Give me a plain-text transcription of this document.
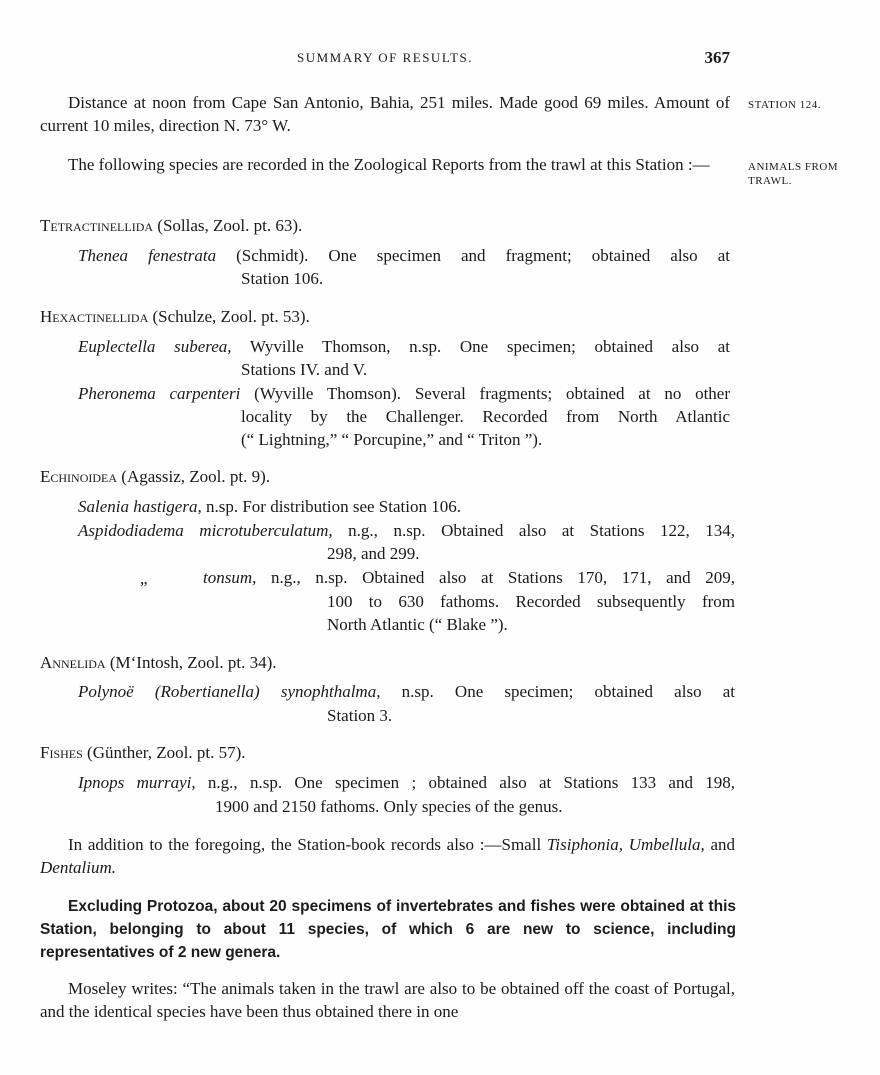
SUMMARY OF RESULTS.	367
STATION 124.
ANIMALS FROM TRAWL.
Distance at noon from Cape San Antonio, Bahia, 251 miles. Made good 69 miles. Amount of current 10 miles, direction N. 73° W.
The following species are recorded in the Zoological Reports from the trawl at this Station :—
Tetractinellida (Sollas, Zool. pt. 63).
Thenea fenestrata (Schmidt). One specimen and fragment; obtained also at
Station 106.
Hexactinellida (Schulze, Zool. pt. 53).
Euplectella suberea, Wyville Thomson, n.sp. One specimen; obtained also at
Stations IV. and V.
Pheronema carpenteri (Wyville Thomson). Several fragments; obtained at no other
locality by the Challenger. Recorded from North Atlantic
(“ Lightning,” “ Porcupine,” and “ Triton ”).
Echinoidea (Agassiz, Zool. pt. 9).
Salenia hastigera, n.sp. For distribution see Station 106.
Aspidodiadema microtuberculatum, n.g., n.sp. Obtained also at Stations 122, 134,
298, and 299.
„	tonsum, n.g., n.sp. Obtained also at Stations 170, 171, and 209,
100 to 630 fathoms. Recorded subsequently from
North Atlantic (“ Blake ”).
Annelida (M‘Intosh, Zool. pt. 34).
Polynoë (Robertianella) synophthalma, n.sp. One specimen; obtained also at
Station 3.
Fishes (Günther, Zool. pt. 57).
Ipnops murrayi, n.g., n.sp. One specimen ; obtained also at Stations 133 and 198,
1900 and 2150 fathoms. Only species of the genus.
In addition to the foregoing, the Station-book records also :—Small Tisiphonia, Umbellula, and Dentalium.
Excluding Protozoa, about 20 specimens of invertebrates and fishes were obtained at this Station, belonging to about 11 species, of which 6 are new to science, including representatives of 2 new genera.
Moseley writes: “The animals taken in the trawl are also to be obtained off the coast of Portugal, and the identical species have been thus obtained there in one
